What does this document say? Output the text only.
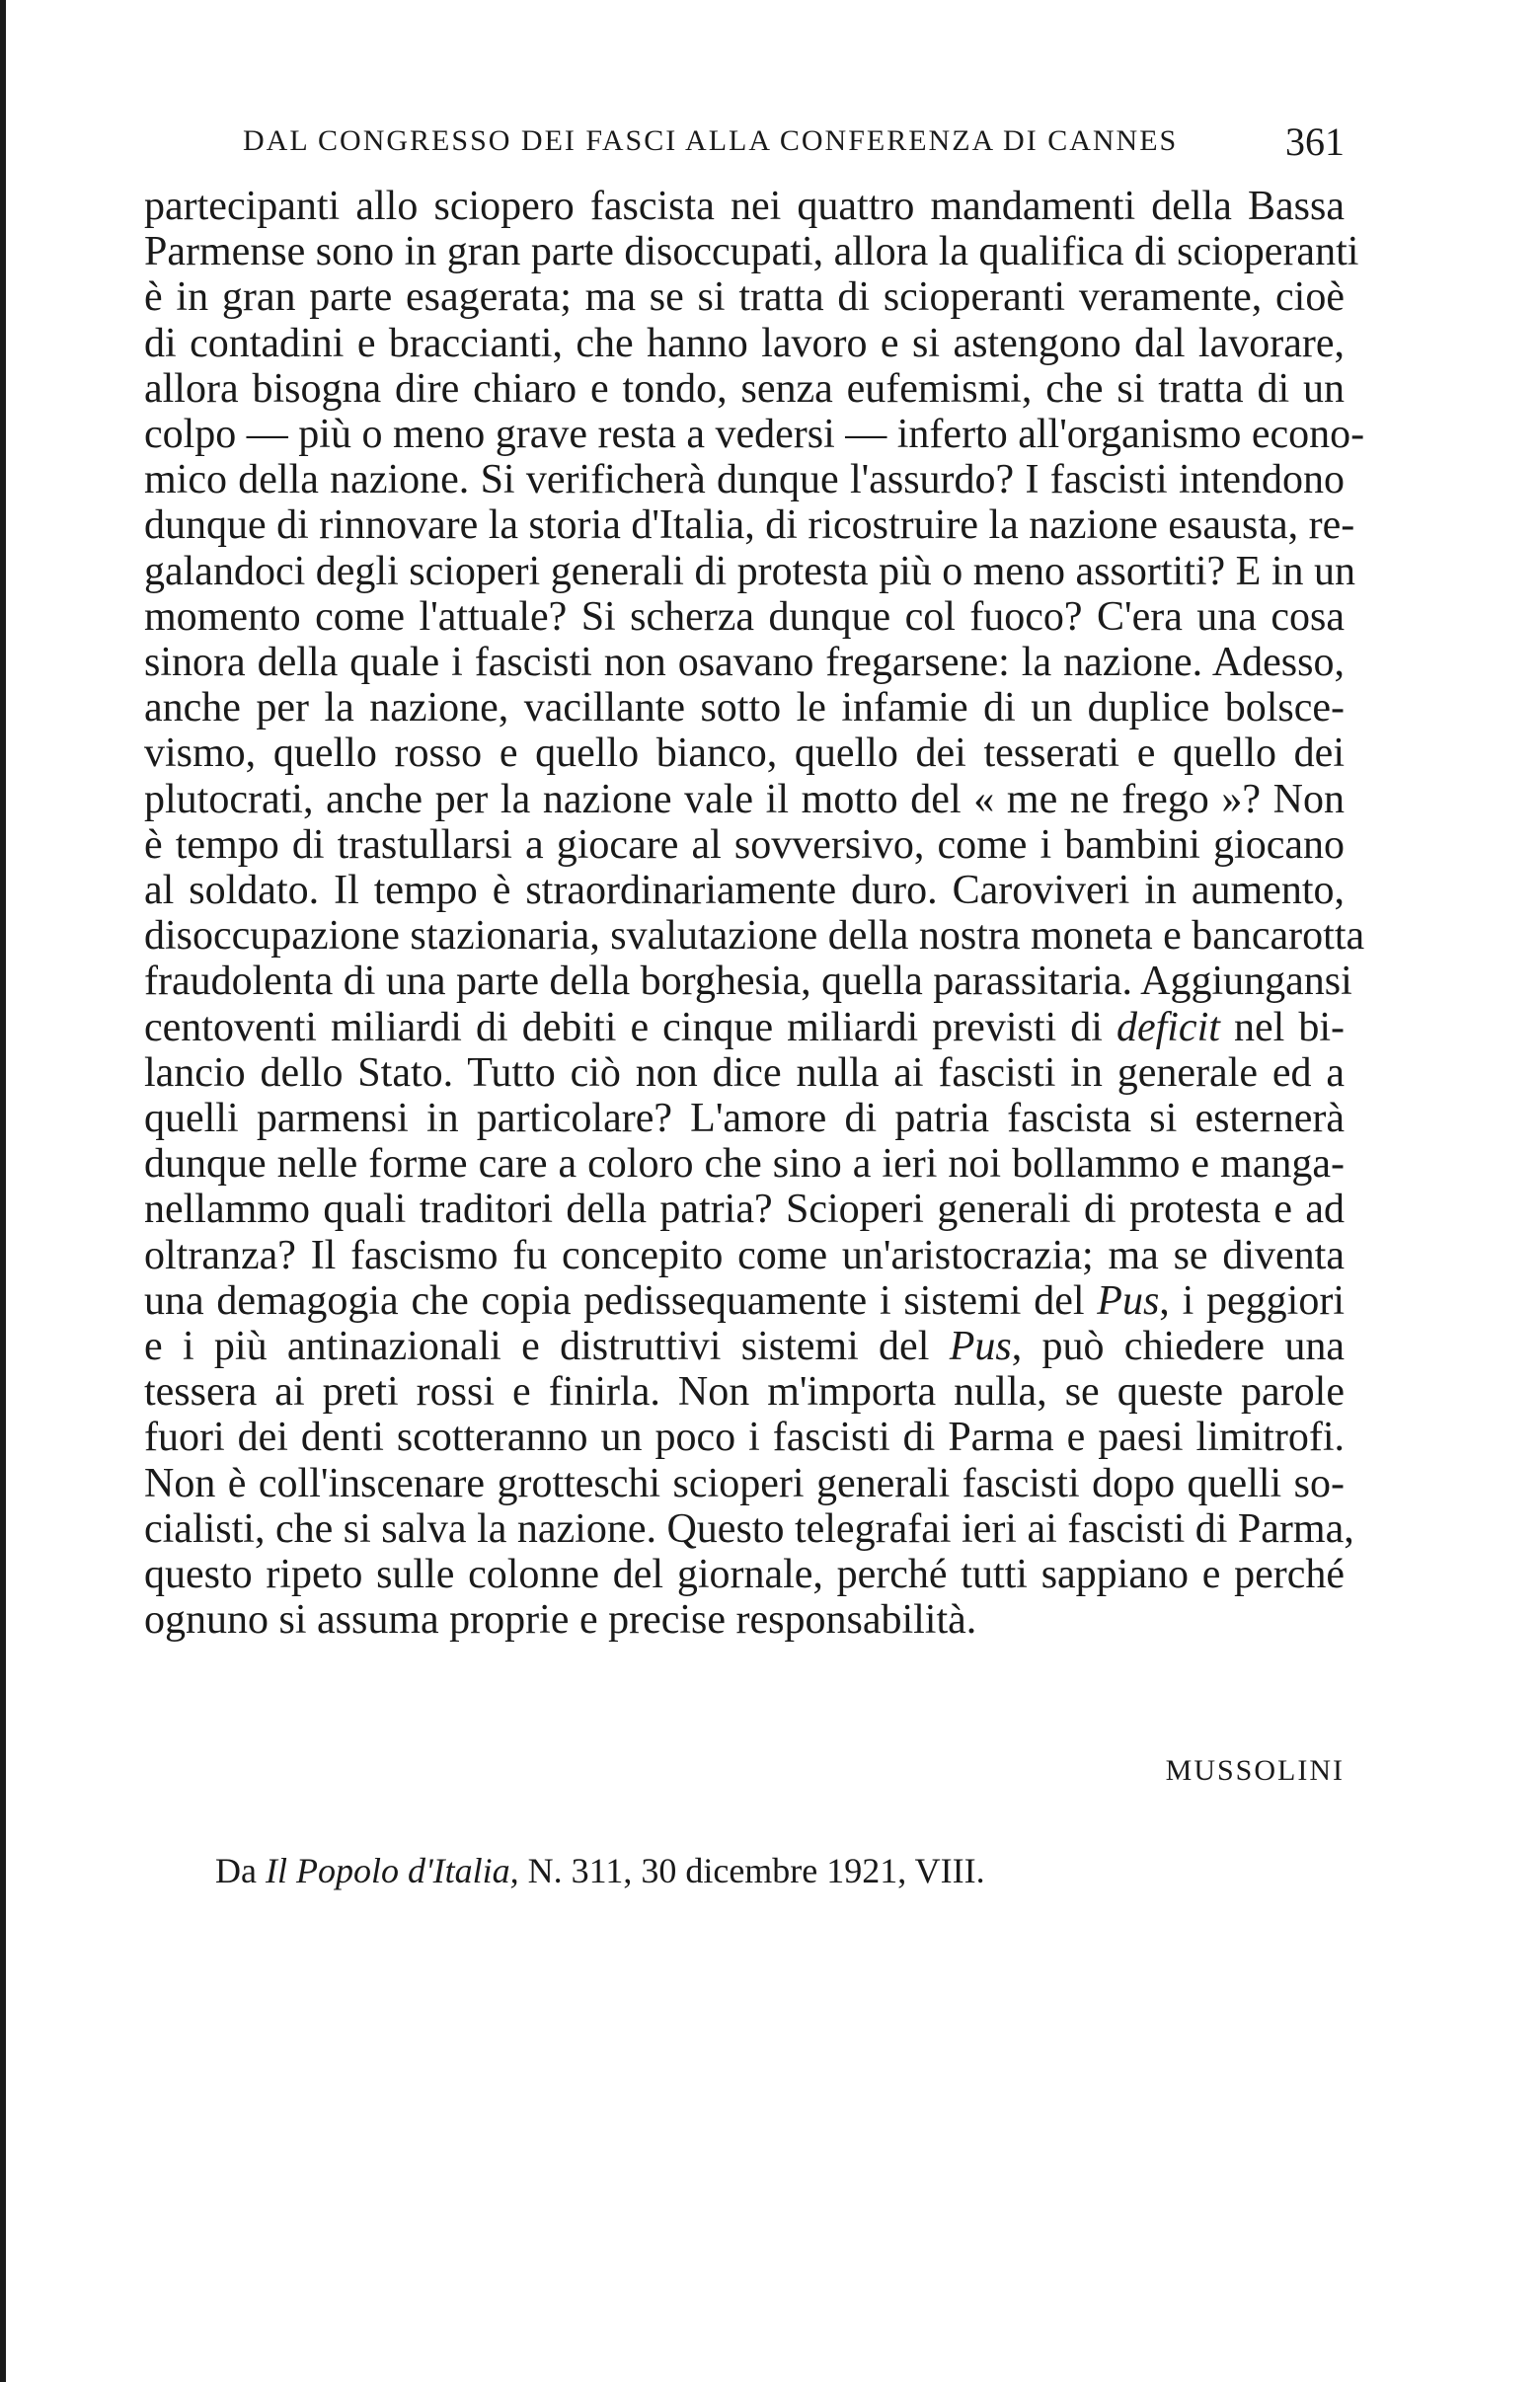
DAL CONGRESSO DEI FASCI ALLA CONFERENZA DI CANNES	361
partecipanti allo sciopero fascista nei quattro mandamenti della Bassa
Parmense sono in gran parte disoccupati, allora la qualifica di scioperanti
è in gran parte esagerata; ma se si tratta di scioperanti veramente, cioè
di contadini e braccianti, che hanno lavoro e si astengono dal lavorare,
allora bisogna dire chiaro e tondo, senza eufemismi, che si tratta di un
colpo — più o meno grave resta a vedersi — inferto all'organismo econo-
mico della nazione. Si verificherà dunque l'assurdo? I fascisti intendono
dunque di rinnovare la storia d'Italia, di ricostruire la nazione esausta, re-
galandoci degli scioperi generali di protesta più o meno assortiti? E in un
momento come l'attuale? Si scherza dunque col fuoco? C'era una cosa
sinora della quale i fascisti non osavano fregarsene: la nazione. Adesso,
anche per la nazione, vacillante sotto le infamie di un duplice bolsce-
vismo, quello rosso e quello bianco, quello dei tesserati e quello dei
plutocrati, anche per la nazione vale il motto del « me ne frego »? Non
è tempo di trastullarsi a giocare al sovversivo, come i bambini giocano
al soldato. Il tempo è straordinariamente duro. Caroviveri in aumento,
disoccupazione stazionaria, svalutazione della nostra moneta e bancarotta
fraudolenta di una parte della borghesia, quella parassitaria. Aggiungansi
centoventi miliardi di debiti e cinque miliardi previsti di deficit nel bi-
lancio dello Stato. Tutto ciò non dice nulla ai fascisti in generale ed a
quelli parmensi in particolare? L'amore di patria fascista si esternerà
dunque nelle forme care a coloro che sino a ieri noi bollammo e manga-
nellammo quali traditori della patria? Scioperi generali di protesta e ad
oltranza? Il fascismo fu concepito come un'aristocrazia; ma se diventa
una demagogia che copia pedissequamente i sistemi del Pus, i peggiori
e i più antinazionali e distruttivi sistemi del Pus, può chiedere una
tessera ai preti rossi e finirla. Non m'importa nulla, se queste parole
fuori dei denti scotteranno un poco i fascisti di Parma e paesi limitrofi.
Non è coll'inscenare grotteschi scioperi generali fascisti dopo quelli so-
cialisti, che si salva la nazione. Questo telegrafai ieri ai fascisti di Parma,
questo ripeto sulle colonne del giornale, perché tutti sappiano e perché
ognuno si assuma proprie e precise responsabilità.
MUSSOLINI
Da Il Popolo d'Italia, N. 311, 30 dicembre 1921, VIII.
